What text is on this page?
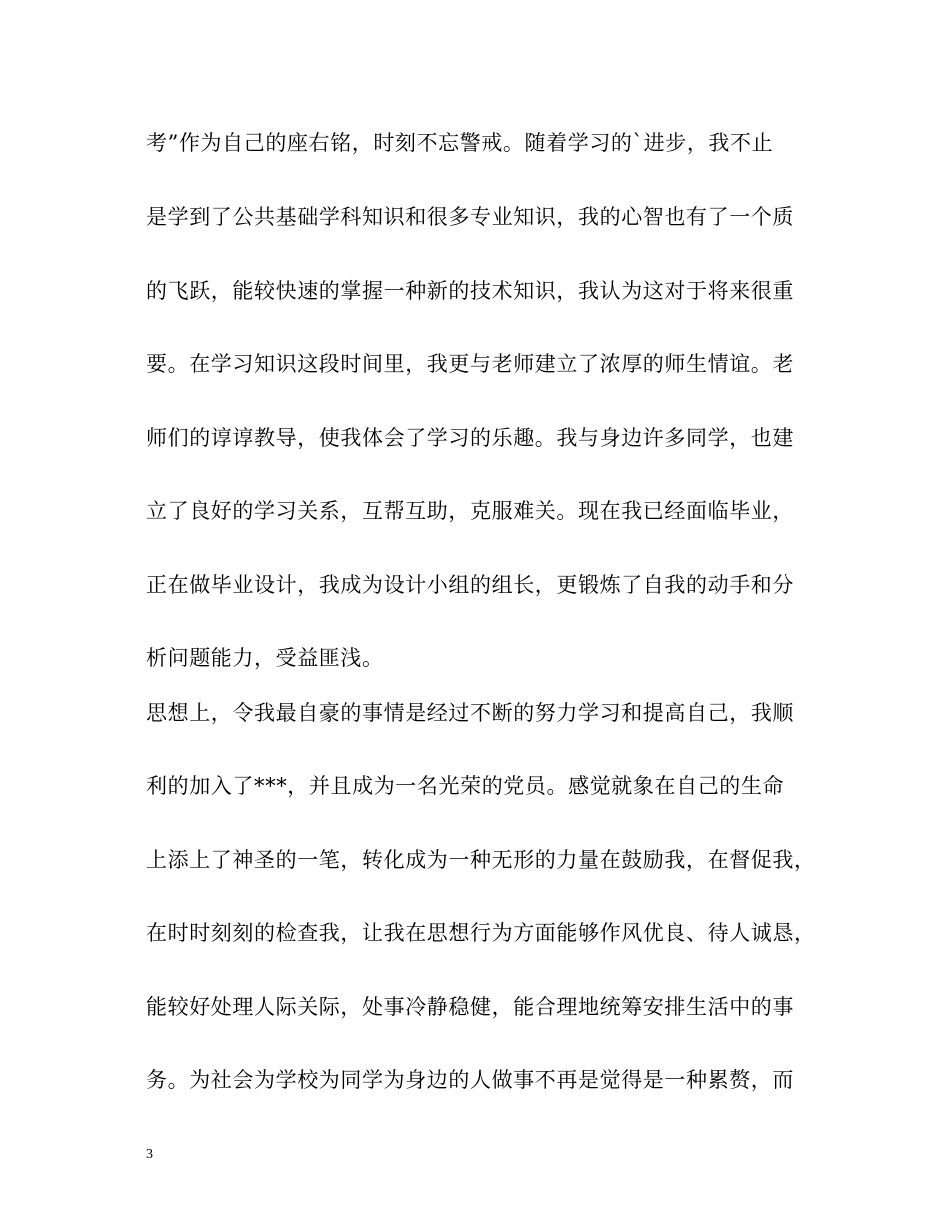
考”作为自己的座右铭，时刻不忘警戒。随着学习的`进步，我不止
是学到了公共基础学科知识和很多专业知识，我的心智也有了一个质
的飞跃，能较快速的掌握一种新的技术知识，我认为这对于将来很重
要。在学习知识这段时间里，我更与老师建立了浓厚的师生情谊。老
师们的谆谆教导，使我体会了学习的乐趣。我与身边许多同学，也建
立了良好的学习关系，互帮互助，克服难关。现在我已经面临毕业，
正在做毕业设计，我成为设计小组的组长，更锻炼了自我的动手和分
析问题能力，受益匪浅。
思想上，令我最自豪的事情是经过不断的努力学习和提高自己，我顺
利的加入了***，并且成为一名光荣的党员。感觉就象在自己的生命
上添上了神圣的一笔，转化成为一种无形的力量在鼓励我，在督促我，
在时时刻刻的检查我，让我在思想行为方面能够作风优良、待人诚恳，
能较好处理人际关际，处事冷静稳健，能合理地统筹安排生活中的事
务。为社会为学校为同学为身边的人做事不再是觉得是一种累赘，而
3
